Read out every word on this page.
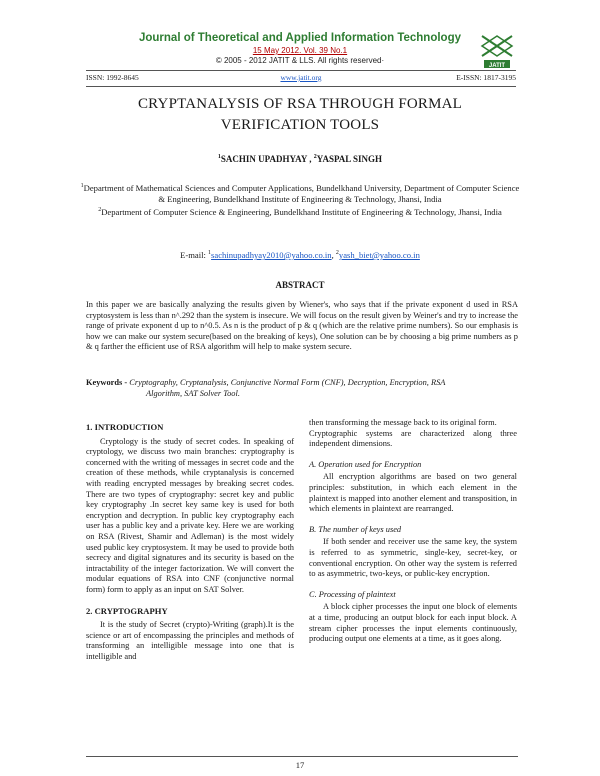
Journal of Theoretical and Applied Information Technology
15 May 2012. Vol. 39 No.1
© 2005 - 2012 JATIT & LLS. All rights reserved·
JATIT
ISSN: 1992-8645	www.jatit.org	E-ISSN: 1817-3195
CRYPTANALYSIS OF RSA THROUGH FORMAL
VERIFICATION TOOLS
$^1$SACHIN UPADHYAY , $^2$YASPAL SINGH
$^1$Department of Mathematical Sciences and Computer Applications, Bundelkhand University, Department of Computer Science & Engineering, Bundelkhand Institute of Engineering & Technology, Jhansi, India
$^2$Department of Computer Science & Engineering, Bundelkhand Institute of Engineering & Technology, Jhansi, India
E-mail: $^1$sachinupadhyay2010@yahoo.co.in, $^2$yash_biet@yahoo.co.in
ABSTRACT
In this paper we are basically analyzing the results given by Wiener's, who says that if the private exponent d used in RSA cryptosystem is less than n^.292 than the system is insecure. We will focus on the result given by Weiner's and try to increase the range of private exponent d up to n^0.5. As n is the product of p & q (which are the relative prime numbers). So our emphasis is how we can make our system secure(based on the breaking of keys), One solution can be by choosing a big prime numbers as p & q farther the efficient use of RSA algorithm will help to make system secure.
Keywords - Cryptography, Cryptanalysis, Conjunctive Normal Form (CNF), Decryption, Encryption, RSA
Algorithm, SAT Solver Tool.
1. INTRODUCTION

Cryptology is the study of secret codes. In speaking of cryptology, we discuss two main branches: cryptography is concerned with the writing of messages in secret code and the creation of these methods, while cryptanalysis is concerned with reading encrypted messages by breaking secret codes. There are two types of cryptography: secret key and public key cryptography .In secret key same key is used for both encryption and decryption. In public key cryptography each user has a public key and a private key. Here we are working on RSA (Rivest, Shamir and Adleman) is the most widely used public key cryptosystem. It may be used to provide both secrecy and digital signatures and its security is based on the intractability of the integer factorization. We will convert the modular equations of RSA into CNF (conjunctive normal form) form to apply as an input on SAT Solver.

2. CRYPTOGRAPHY

It is the study of Secret (crypto)-Writing (graph).It is the science or art of encompassing the principles and methods of transforming an intelligible message into one that is intelligible and

then transforming the message back to its original form.

Cryptographic systems are characterized along three independent dimensions.

A. Operation used for Encryption

All encryption algorithms are based on two general principles: substitution, in which each element in the plaintext is mapped into another element and transposition, in which elements in plaintext are rearranged.

B. The number of keys used

If both sender and receiver use the same key, the system is referred to as symmetric, single-key, secret-key, or conventional encryption. On other way the system is referred to as asymmetric, two-keys, or public-key encryption.

C. Processing of plaintext

A block cipher processes the input one block of elements at a time, producing an output block for each input block. A stream cipher processes the input elements continuously, producing output one elements at a time, as it goes along.

17
